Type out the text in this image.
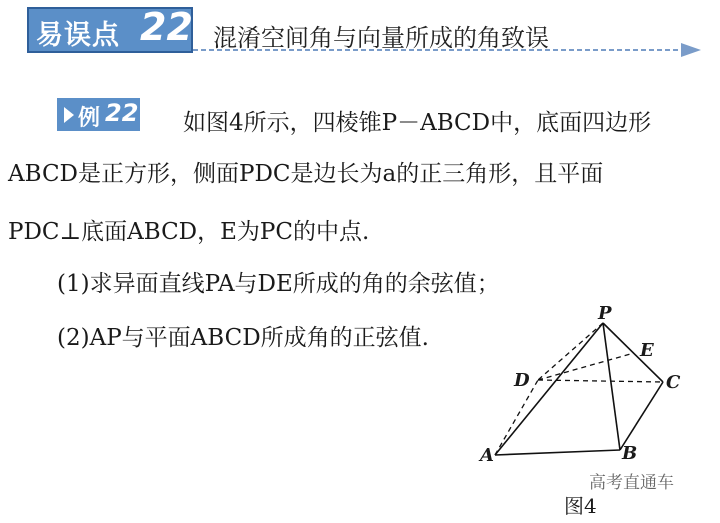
易误点 22 混淆空间角与向量所成的角致误
例 22 如图4所示，四棱锥P－ABCD中，底面四边形
ABCD是正方形，侧面PDC是边长为a的正三角形，且平面
PDC⊥底面ABCD，E为PC的中点.
(1)求异面直线PA与DE所成的角的余弦值；
(2)AP与平面ABCD所成角的正弦值.
P
E
D	C
A	B
高考直通车
图4
